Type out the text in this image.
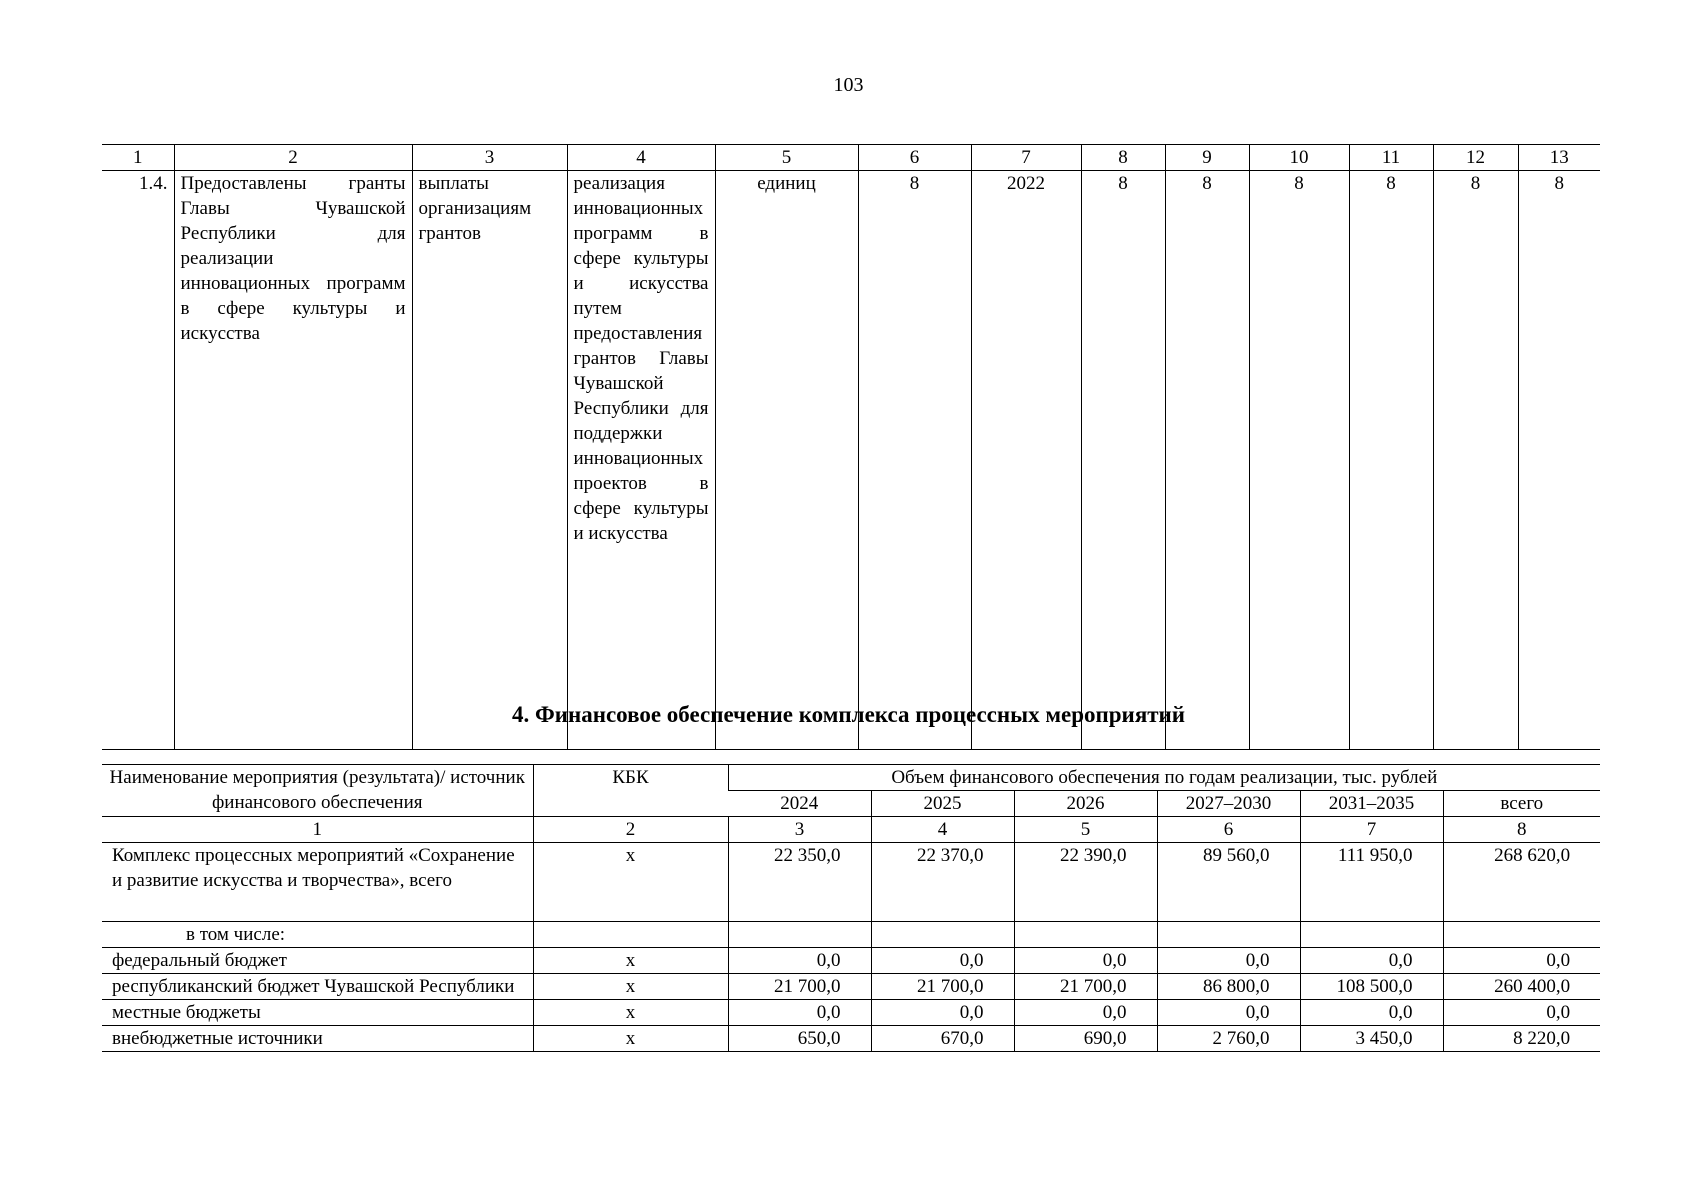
103
1	2	3	4	5	6	7	8	9	10	11	12	13
1.4.	Предоставлены гранты Главы Чувашской Республики для реализации инновационных программ в сфере культуры и искусства	выплаты организациям грантов	реализация инновационных программ в сфере культуры и искусства путем предоставления грантов Главы Чувашской Республики для поддержки инновационных проектов в сфере культуры и искусства	единиц	8	2022	8	8	8	8	8	8
4. Финансовое обеспечение комплекса процессных мероприятий
Наименование мероприятия (результата)/ источник финансового обеспечения	КБК	Объем финансового обеспечения по годам реализации, тыс. рублей					
		2024	2025	2026	2027–2030	2031–2035	всего
1	2	3	4	5	6	7	8
Комплекс процессных мероприятий «Сохранение и развитие искусства и творчества», всего	х	22 350,0	22 370,0	22 390,0	89 560,0	111 950,0	268 620,0
в том числе:							
федеральный бюджет	х	0,0	0,0	0,0	0,0	0,0	0,0
республиканский бюджет Чувашской Республики	х	21 700,0	21 700,0	21 700,0	86 800,0	108 500,0	260 400,0
местные бюджеты	х	0,0	0,0	0,0	0,0	0,0	0,0
внебюджетные источники	х	650,0	670,0	690,0	2 760,0	3 450,0	8 220,0
